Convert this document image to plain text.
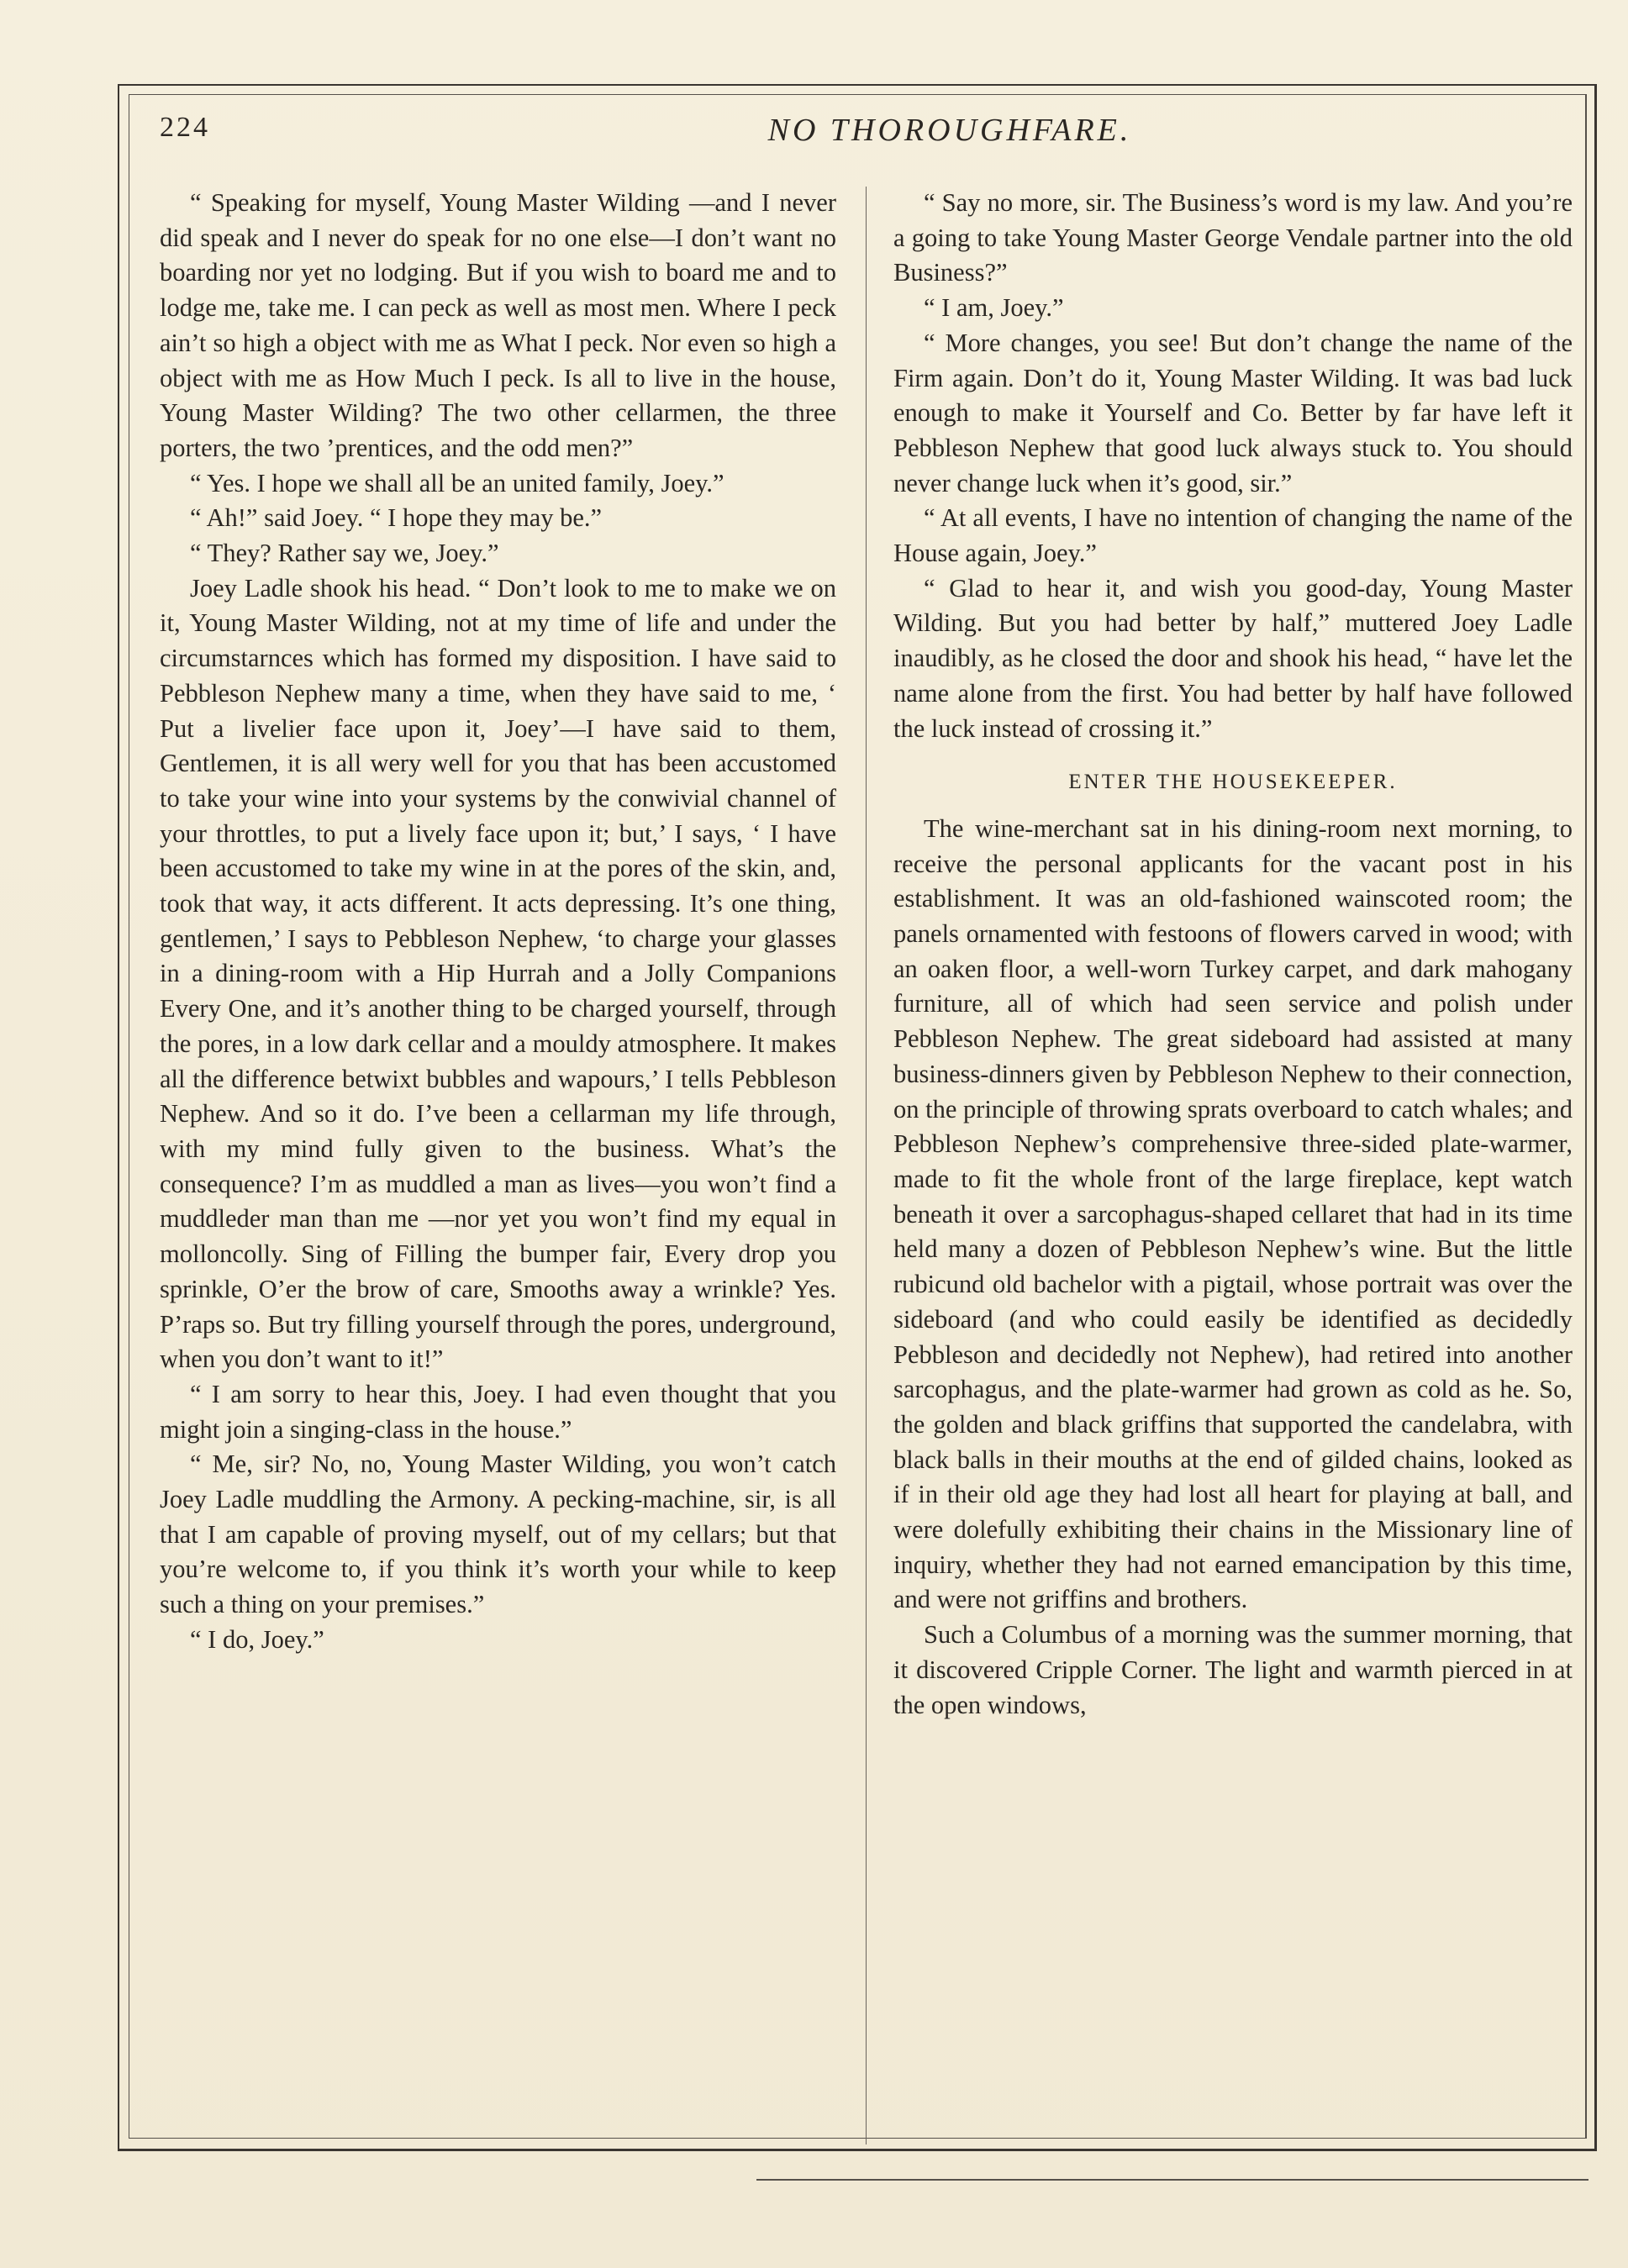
224	NO THOROUGHFARE.

“ Speaking for myself, Young Master Wilding —and I never did speak and I never do speak for no one else—I don’t want no boarding nor yet no lodging. But if you wish to board me and to lodge me, take me. I can peck as well as most men. Where I peck ain’t so high a object with me as What I peck. Nor even so high a object with me as How Much I peck. Is all to live in the house, Young Master Wilding? The two other cellarmen, the three porters, the two ’prentices, and the odd men?”

“ Yes. I hope we shall all be an united family, Joey.”

“ Ah!” said Joey. “ I hope they may be.”

“ They? Rather say we, Joey.”

Joey Ladle shook his head. “ Don’t look to me to make we on it, Young Master Wilding, not at my time of life and under the circumstarnces which has formed my disposition. I have said to Pebbleson Nephew many a time, when they have said to me, ‘ Put a livelier face upon it, Joey’—I have said to them, Gentlemen, it is all wery well for you that has been accustomed to take your wine into your systems by the conwivial channel of your throttles, to put a lively face upon it; but,’ I says, ‘ I have been accustomed to take my wine in at the pores of the skin, and, took that way, it acts different. It acts depressing. It’s one thing, gentlemen,’ I says to Pebbleson Nephew, ‘to charge your glasses in a dining-room with a Hip Hurrah and a Jolly Companions Every One, and it’s another thing to be charged yourself, through the pores, in a low dark cellar and a mouldy atmosphere. It makes all the difference betwixt bubbles and wapours,’ I tells Pebbleson Nephew. And so it do. I’ve been a cellarman my life through, with my mind fully given to the business. What’s the consequence? I’m as muddled a man as lives—you won’t find a muddleder man than me —nor yet you won’t find my equal in molloncolly. Sing of Filling the bumper fair, Every drop you sprinkle, O’er the brow of care, Smooths away a wrinkle? Yes. P’raps so. But try filling yourself through the pores, underground, when you don’t want to it!”

“ I am sorry to hear this, Joey. I had even thought that you might join a singing-class in the house.”

“ Me, sir? No, no, Young Master Wilding, you won’t catch Joey Ladle muddling the Armony. A pecking-machine, sir, is all that I am capable of proving myself, out of my cellars; but that you’re welcome to, if you think it’s worth your while to keep such a thing on your premises.”

“ I do, Joey.”

“ Say no more, sir. The Business’s word is my law. And you’re a going to take Young Master George Vendale partner into the old Business?”

“ I am, Joey.”

“ More changes, you see! But don’t change the name of the Firm again. Don’t do it, Young Master Wilding. It was bad luck enough to make it Yourself and Co. Better by far have left it Pebbleson Nephew that good luck always stuck to. You should never change luck when it’s good, sir.”

“ At all events, I have no intention of changing the name of the House again, Joey.”

“ Glad to hear it, and wish you good-day, Young Master Wilding. But you had better by half,” muttered Joey Ladle inaudibly, as he closed the door and shook his head, “ have let the name alone from the first. You had better by half have followed the luck instead of crossing it.”

ENTER THE HOUSEKEEPER.

The wine-merchant sat in his dining-room next morning, to receive the personal applicants for the vacant post in his establishment. It was an old-fashioned wainscoted room; the panels ornamented with festoons of flowers carved in wood; with an oaken floor, a well-worn Turkey carpet, and dark mahogany furniture, all of which had seen service and polish under Pebbleson Nephew. The great sideboard had assisted at many business-dinners given by Pebbleson Nephew to their connection, on the principle of throwing sprats overboard to catch whales; and Pebbleson Nephew’s comprehensive three-sided plate-warmer, made to fit the whole front of the large fireplace, kept watch beneath it over a sarcophagus-shaped cellaret that had in its time held many a dozen of Pebbleson Nephew’s wine. But the little rubicund old bachelor with a pigtail, whose portrait was over the sideboard (and who could easily be identified as decidedly Pebbleson and decidedly not Nephew), had retired into another sarcophagus, and the plate-warmer had grown as cold as he. So, the golden and black griffins that supported the candelabra, with black balls in their mouths at the end of gilded chains, looked as if in their old age they had lost all heart for playing at ball, and were dolefully exhibiting their chains in the Missionary line of inquiry, whether they had not earned emancipation by this time, and were not griffins and brothers.

Such a Columbus of a morning was the summer morning, that it discovered Cripple Corner. The light and warmth pierced in at the open windows,
